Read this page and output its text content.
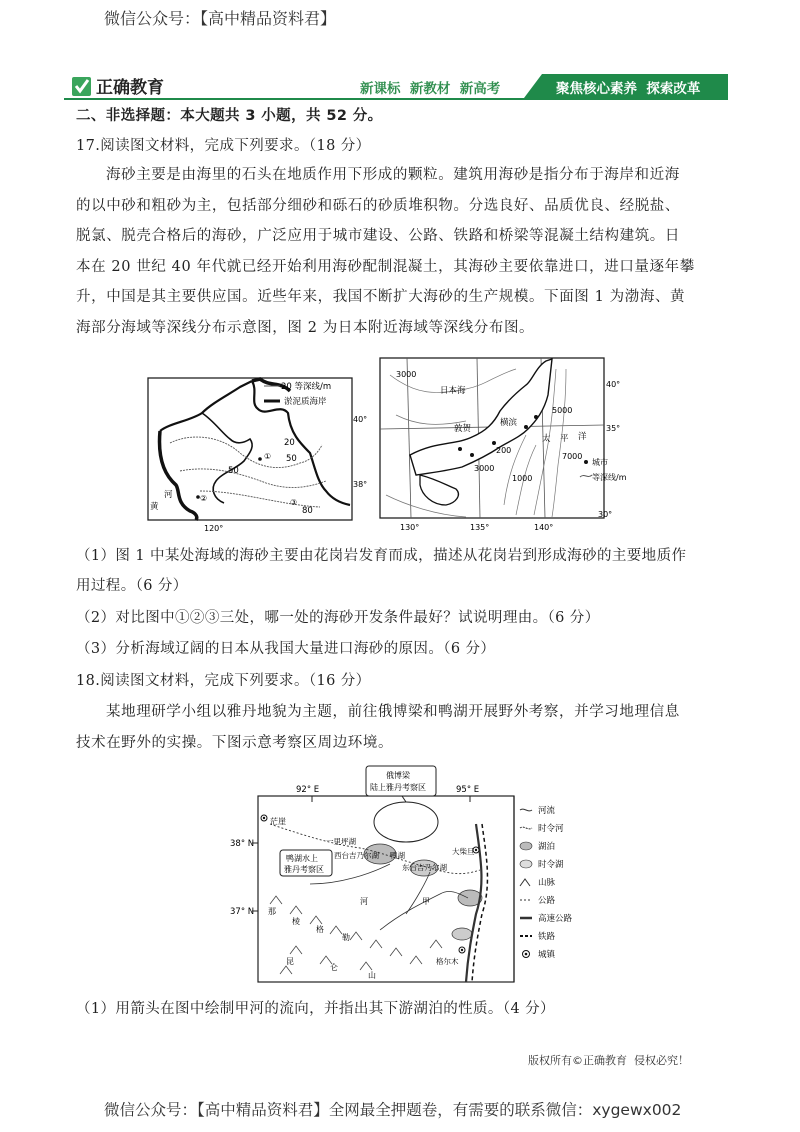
微信公众号：【高中精品资料君】
正确教育	新课标  新教材  新高考	聚焦核心素养  探索改革
二、非选择题：本大题共 3 小题，共 52 分。
17.阅读图文材料，完成下列要求。（18 分）
海砂主要是由海里的石头在地质作用下形成的颗粒。建筑用海砂是指分布于海岸和近海
的以中砂和粗砂为主，包括部分细砂和砾石的砂质堆积物。分选良好、品质优良、经脱盐、
脱氯、脱壳合格后的海砂，广泛应用于城市建设、公路、铁路和桥梁等混凝土结构建筑。日
本在 20 世纪 40 年代就已经开始利用海砂配制混凝土，其海砂主要依靠进口，进口量逐年攀
升，中国是其主要供应国。近些年来，我国不断扩大海砂的生产规模。下面图 1 为渤海、黄
海部分海域等深线分布示意图，图 2 为日本附近海域等深线分布图。
20 等深线/m
淤泥质海岸
40°
38°
120°
20
50
50
80
①
②	③
河
黄
3000
日本海
5000
横滨
敦贺
太 平 洋
7000
200
3000
1000
35°
40°
30°
130°	135°	140°
城市
等深线/m
（1）图 1 中某处海域的海砂主要由花岗岩发育而成，描述从花岗岩到形成海砂的主要地质作
用过程。（6 分）
（2）对比图中①②③三处，哪一处的海砂开发条件最好？试说明理由。（6 分）
（3）分析海域辽阔的日本从我国大量进口海砂的原因。（6 分）
18.阅读图文材料，完成下列要求。（16 分）
某地理研学小组以雅丹地貌为主题，前往俄博梁和鸭湖开展野外考察，并学习地理信息
技术在野外的实操。下图示意考察区周边环境。
俄博梁
陆上雅丹考察区
92° E	95° E
38° N
37° N
鸭湖水上
雅丹考察区
茫崖
一里坪湖
西台吉乃尔湖 鸭湖
东台吉乃尔湖
大柴旦
甲
河
格尔木
那
棱
格
勒
昆
仑
山
河流
时令河
湖泊
时令湖
山脉
公路
高速公路
铁路
城镇
（1）用箭头在图中绘制甲河的流向，并指出其下游湖泊的性质。（4 分）
版权所有©正确教育  侵权必究！
微信公众号：【高中精品资料君】全网最全押题卷，有需要的联系微信：xygewx002
